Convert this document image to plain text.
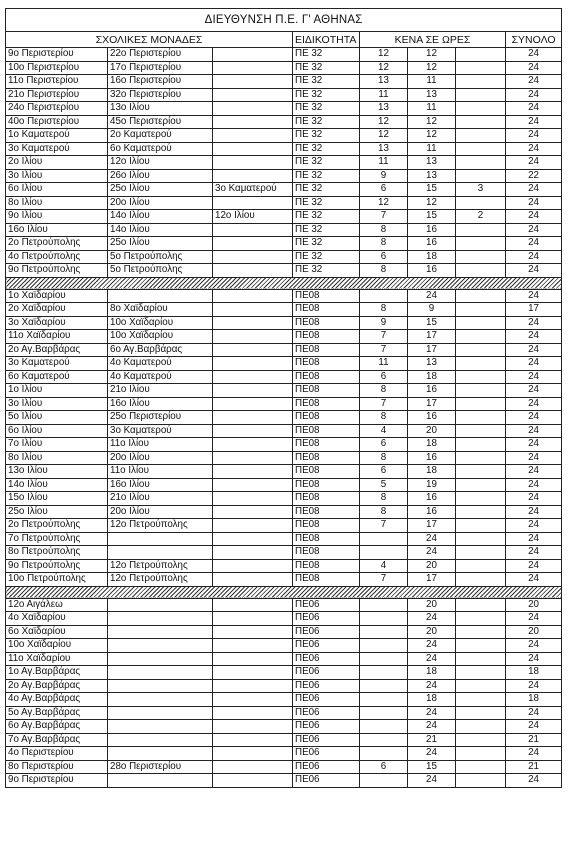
ΔΙΕΥΘΥΝΣΗ Π.Ε. Γ' ΑΘΗΝΑΣ							
ΣΧΟΛΙΚΕΣ ΜΟΝΑΔΕΣ			ΕΙΔΙΚΟΤΗΤΑ	ΚΕΝΑ ΣΕ ΩΡΕΣ			ΣΥΝΟΛΟ
9ο Περιστερίου	22ο Περιστερίου		ΠΕ 32	12	12		24
10ο Περιστερίου	17ο Περιστερίου		ΠΕ 32	12	12		24
11ο Περιστερίου	16ο Περιστερίου		ΠΕ 32	13	11		24
21ο Περιστερίου	32ο Περιστερίου		ΠΕ 32	11	13		24
24ο Περιστερίου	13ο Ιλίου		ΠΕ 32	13	11		24
40ο Περιστερίου	45ο Περιστερίου		ΠΕ 32	12	12		24
1ο Καματερού	2ο Καματερού		ΠΕ 32	12	12		24
3ο Καματερού	6ο Καματερού		ΠΕ 32	13	11		24
2ο Ιλίου	12ο Ιλίου		ΠΕ 32	11	13		24
3ο Ιλίου	26ο Ιλίου		ΠΕ 32	9	13		22
6ο Ιλίου	25ο Ιλίου	3ο Καματερού	ΠΕ 32	6	15	3	24
8ο Ιλίου	20ο Ιλίου		ΠΕ 32	12	12		24
9ο Ιλίου	14ο Ιλίου	12ο Ιλίου	ΠΕ 32	7	15	2	24
16ο Ιλίου	14ο Ιλίου		ΠΕ 32	8	16		24
2ο Πετρούπολης	25ο Ιλίου		ΠΕ 32	8	16		24
4ο Πετρούπολης	5ο Πετρούπολης		ΠΕ 32	6	18		24
9ο Πετρούπολης	5ο Πετρούπολης		ΠΕ 32	8	16		24

1ο Χαϊδαρίου			ΠΕ08		24		24
2ο Χαϊδαρίου	8ο Χαϊδαρίου		ΠΕ08	8	9		17
3ο Χαϊδαρίου	10ο Χαϊδαρίου		ΠΕ08	9	15		24
11ο Χαϊδαρίου	10ο Χαϊδαρίου		ΠΕ08	7	17		24
2ο Αγ.Βαρβάρας	6ο Αγ.Βαρβάρας		ΠΕ08	7	17		24
3ο Καματερού	4ο Καματερού		ΠΕ08	11	13		24
6ο Καματερού	4ο Καματερού		ΠΕ08	6	18		24
1ο Ιλίου	21ο Ιλίου		ΠΕ08	8	16		24
3ο Ιλίου	16ο Ιλίου		ΠΕ08	7	17		24
5ο Ιλίου	25ο Περιστερίου		ΠΕ08	8	16		24
6ο Ιλίου	3ο Καματερού		ΠΕ08	4	20		24
7ο Ιλίου	11ο Ιλίου		ΠΕ08	6	18		24
8ο Ιλίου	20ο Ιλίου		ΠΕ08	8	16		24
13ο Ιλίου	11ο Ιλίου		ΠΕ08	6	18		24
14ο Ιλίου	16ο Ιλίου		ΠΕ08	5	19		24
15ο Ιλίου	21ο Ιλίου		ΠΕ08	8	16		24
25ο Ιλίου	20ο Ιλίου		ΠΕ08	8	16		24
2ο Πετρούπολης	12ο Πετρούπολης		ΠΕ08	7	17		24
7ο Πετρούπολης			ΠΕ08		24		24
8ο Πετρούπολης			ΠΕ08		24		24
9ο Πετρούπολης	12ο Πετρούπολης		ΠΕ08	4	20		24
10ο Πετρούπολης	12ο Πετρούπολης		ΠΕ08	7	17		24

12ο Αιγάλεω			ΠΕ06		20		20
4ο Χαϊδαρίου			ΠΕ06		24		24
6ο Χαϊδαρίου			ΠΕ06		20		20
10ο Χαϊδαρίου			ΠΕ06		24		24
11ο Χαϊδαρίου			ΠΕ06		24		24
1ο Αγ.Βαρβάρας			ΠΕ06		18		18
2ο Αγ.Βαρβάρας			ΠΕ06		24		24
4ο Αγ.Βαρβάρας			ΠΕ06		18		18
5ο Αγ.Βαρβάρας			ΠΕ06		24		24
6ο Αγ.Βαρβάρας			ΠΕ06		24		24
7ο Αγ.Βαρβάρας			ΠΕ06		21		21
4ο Περιστερίου			ΠΕ06		24		24
8ο Περιστερίου	28ο Περιστερίου		ΠΕ06	6	15		21
9ο Περιστερίου			ΠΕ06		24		24
